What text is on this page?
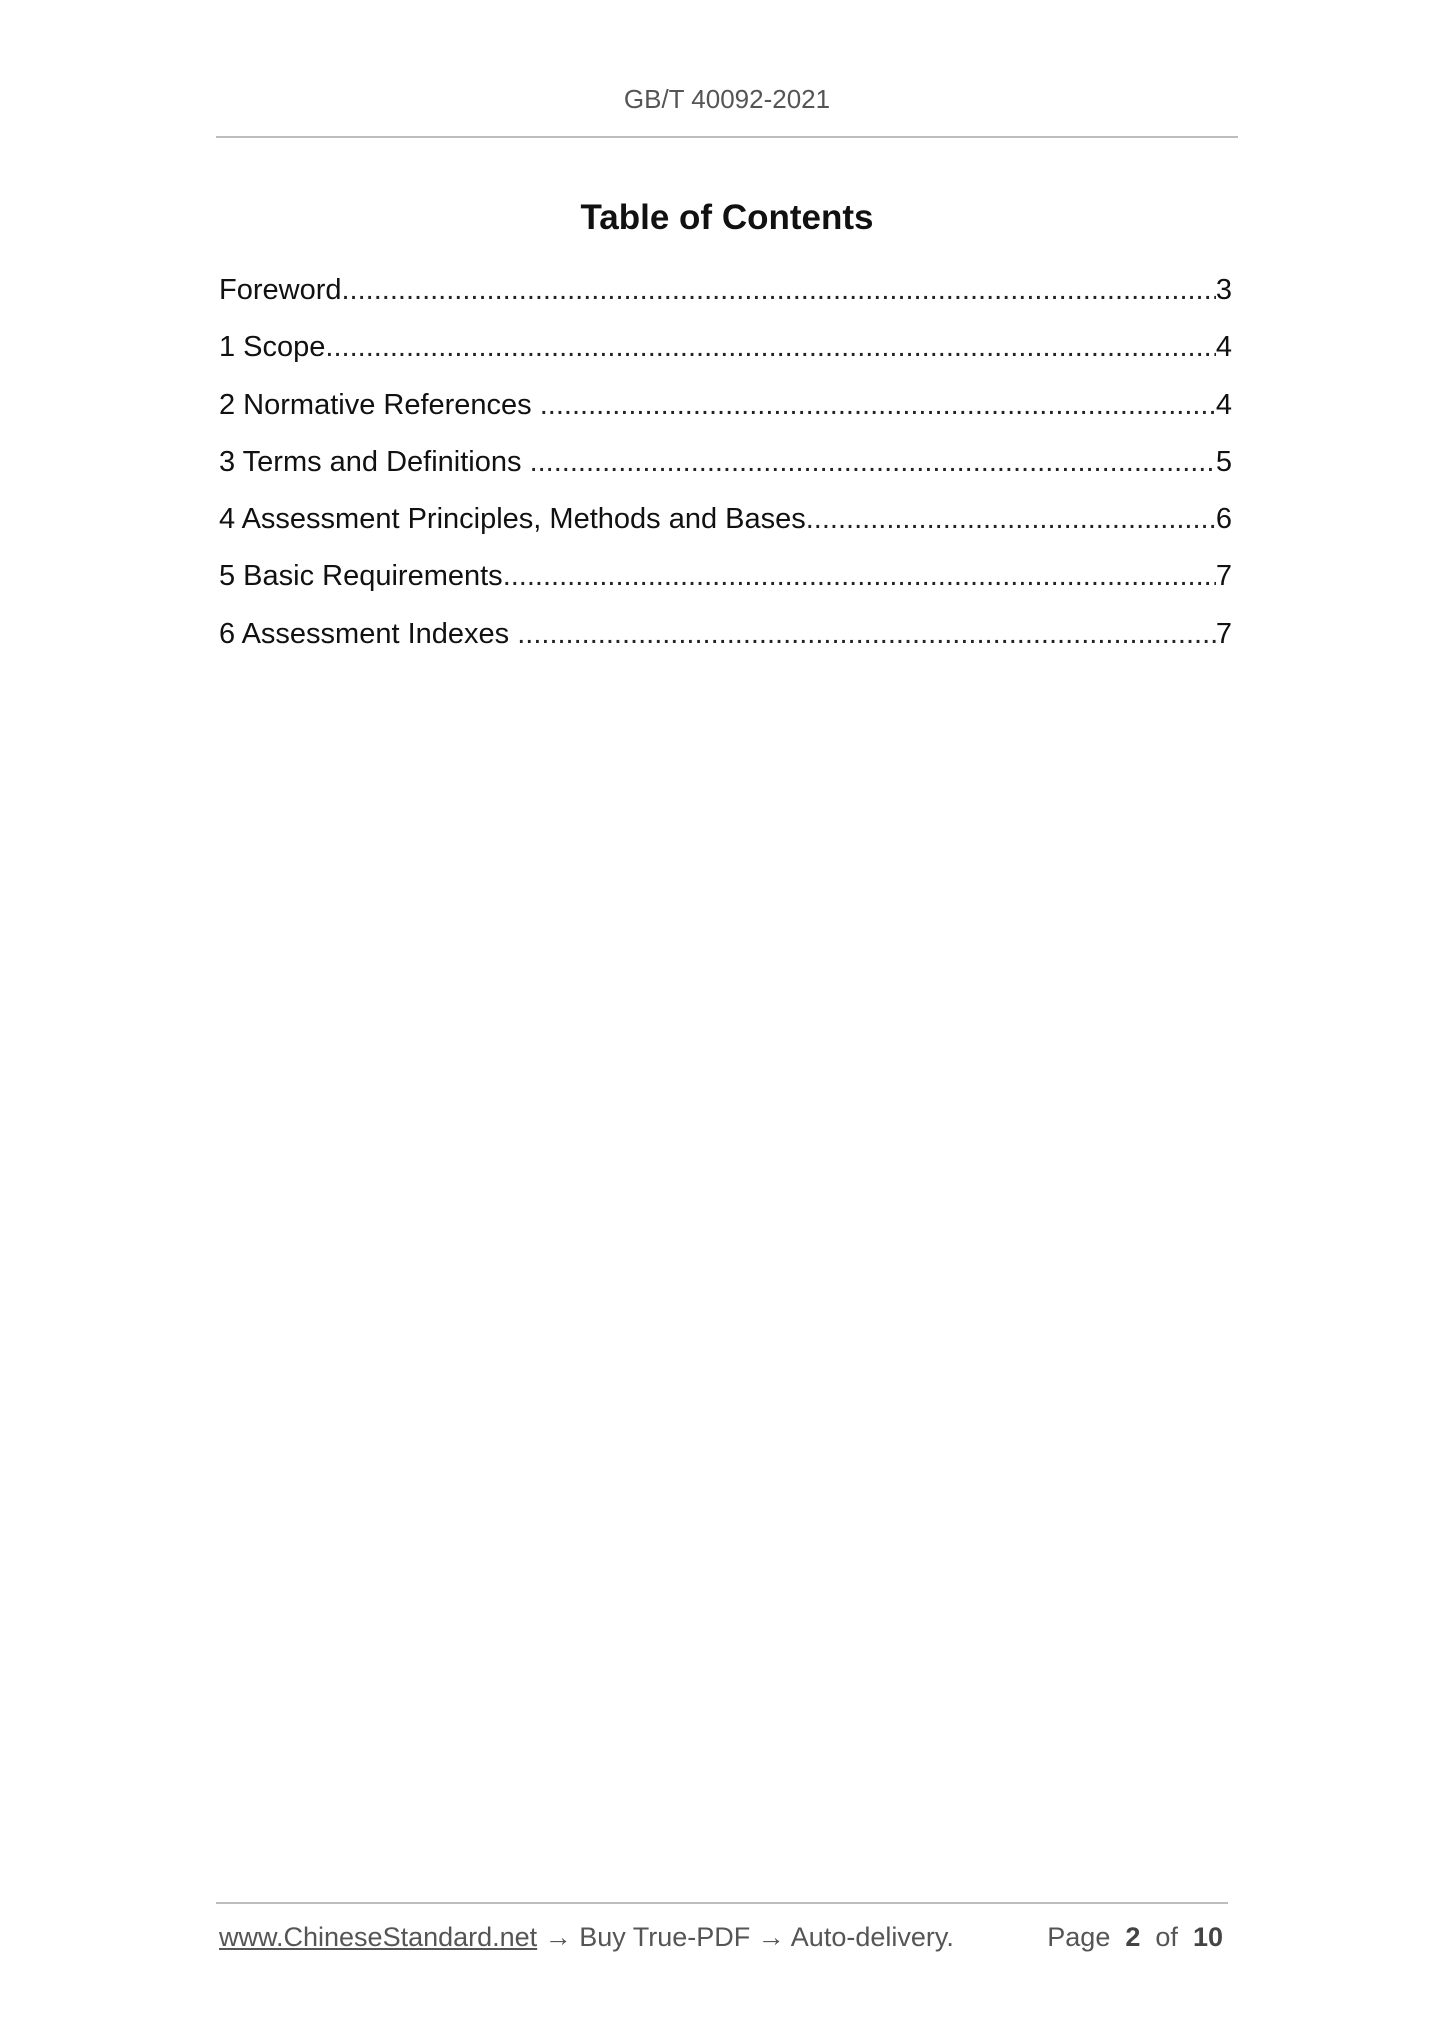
GB/T 40092-2021
Table of Contents
Foreword .....	3
1 Scope .....	4
2 Normative References .....	4
3 Terms and Definitions .....	5
4 Assessment Principles, Methods and Bases .....	6
5 Basic Requirements .....	7
6 Assessment Indexes .....	7
www.ChineseStandard.net → Buy True-PDF → Auto-delivery.	Page 2 of 10
